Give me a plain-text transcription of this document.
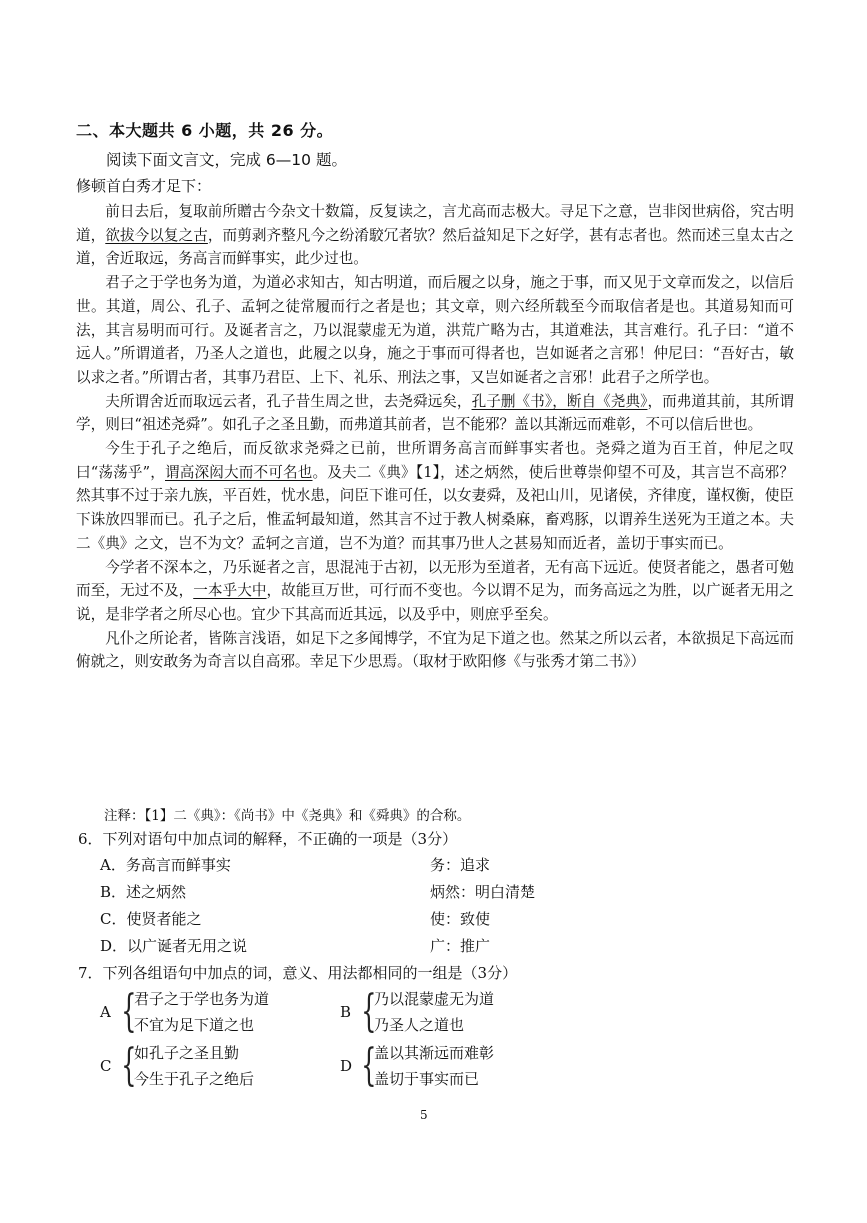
二、本大题共 6 小题，共 26 分。
阅读下面文言文，完成 6—10 题。
修顿首白秀才足下：

前日去后，复取前所贈古今杂文十数篇，反复读之，言尤高而志极大。寻足下之意，岂非闵世病俗，究古明道，欲拔今以复之古，而剪剥齐整凡今之纷淆駮冗者欤？然后益知足下之好学，甚有志者也。然而述三皇太古之道，舍近取远，务高言而鲜事实，此少过也。

君子之于学也务为道，为道必求知古，知古明道，而后履之以身，施之于事，而又见于文章而发之，以信后世。其道，周公、孔子、孟轲之徒常履而行之者是也；其文章，则六经所载至今而取信者是也。其道易知而可法，其言易明而可行。及诞者言之，乃以混蒙虚无为道，洪荒广略为古，其道难法，其言难行。孔子曰：“道不远人。”所谓道者，乃圣人之道也，此履之以身，施之于事而可得者也，岂如诞者之言邪！仲尼曰：“吾好古，敏以求之者。”所谓古者，其事乃君臣、上下、礼乐、刑法之事，又岂如诞者之言邪！此君子之所学也。

夫所谓舍近而取远云者，孔子昔生周之世，去尧舜远矣，孔子删《书》，断自《尧典》，而弗道其前，其所谓学，则曰“祖述尧舜”。如孔子之圣且勤，而弗道其前者，岂不能邪？盖以其渐远而难彰，不可以信后世也。

今生于孔子之绝后，而反欲求尧舜之已前，世所谓务高言而鲜事实者也。尧舜之道为百王首，仲尼之叹曰“荡荡乎”，谓高深闳大而不可名也。及夫二《典》【1】，述之炳然，使后世尊崇仰望不可及，其言岂不高邪？然其事不过于亲九族，平百姓，忧水患，问臣下谁可任，以女妻舜，及祀山川，见诸侯，齐律度，谨权衡，使臣下诛放四罪而已。孔子之后，惟孟轲最知道，然其言不过于教人树桑麻，畜鸡豚，以谓养生送死为王道之本。夫二《典》之文，岂不为文？孟轲之言道，岂不为道？而其事乃世人之甚易知而近者，盖切于事实而已。

今学者不深本之，乃乐诞者之言，思混沌于古初，以无形为至道者，无有高下远近。使贤者能之，愚者可勉而至，无过不及，一本乎大中，故能亘万世，可行而不变也。今以谓不足为，而务高远之为胜，以广诞者无用之说，是非学者之所尽心也。宜少下其高而近其远，以及乎中，则庶乎至矣。

凡仆之所论者，皆陈言浅语，如足下之多闻博学，不宜为足下道之也。然某之所以云者，本欲损足下高远而俯就之，则安敢务为奇言以自高邪。幸足下少思焉。（取材于欧阳修《与张秀才第二书》）

注释：【1】二《典》：《尚书》中《尧典》和《舜典》的合称。
6．下列对语句中加点词的解释，不正确的一项是（3分）
A．务高言而鲜事实	务：追求
B．述之炳然	炳然：明白清楚
C．使贤者能之	使：致使
D．以广诞者无用之说	广：推广
7．下列各组语句中加点的词，意义、用法都相同的一组是（3分）
A {
君子之于学也务为道
不宜为足下道之也
B {
乃以混蒙虚无为道
乃圣人之道也
C {
如孔子之圣且勤
今生于孔子之绝后
D {
盖以其渐远而难彰
盖切于事实而已
5
